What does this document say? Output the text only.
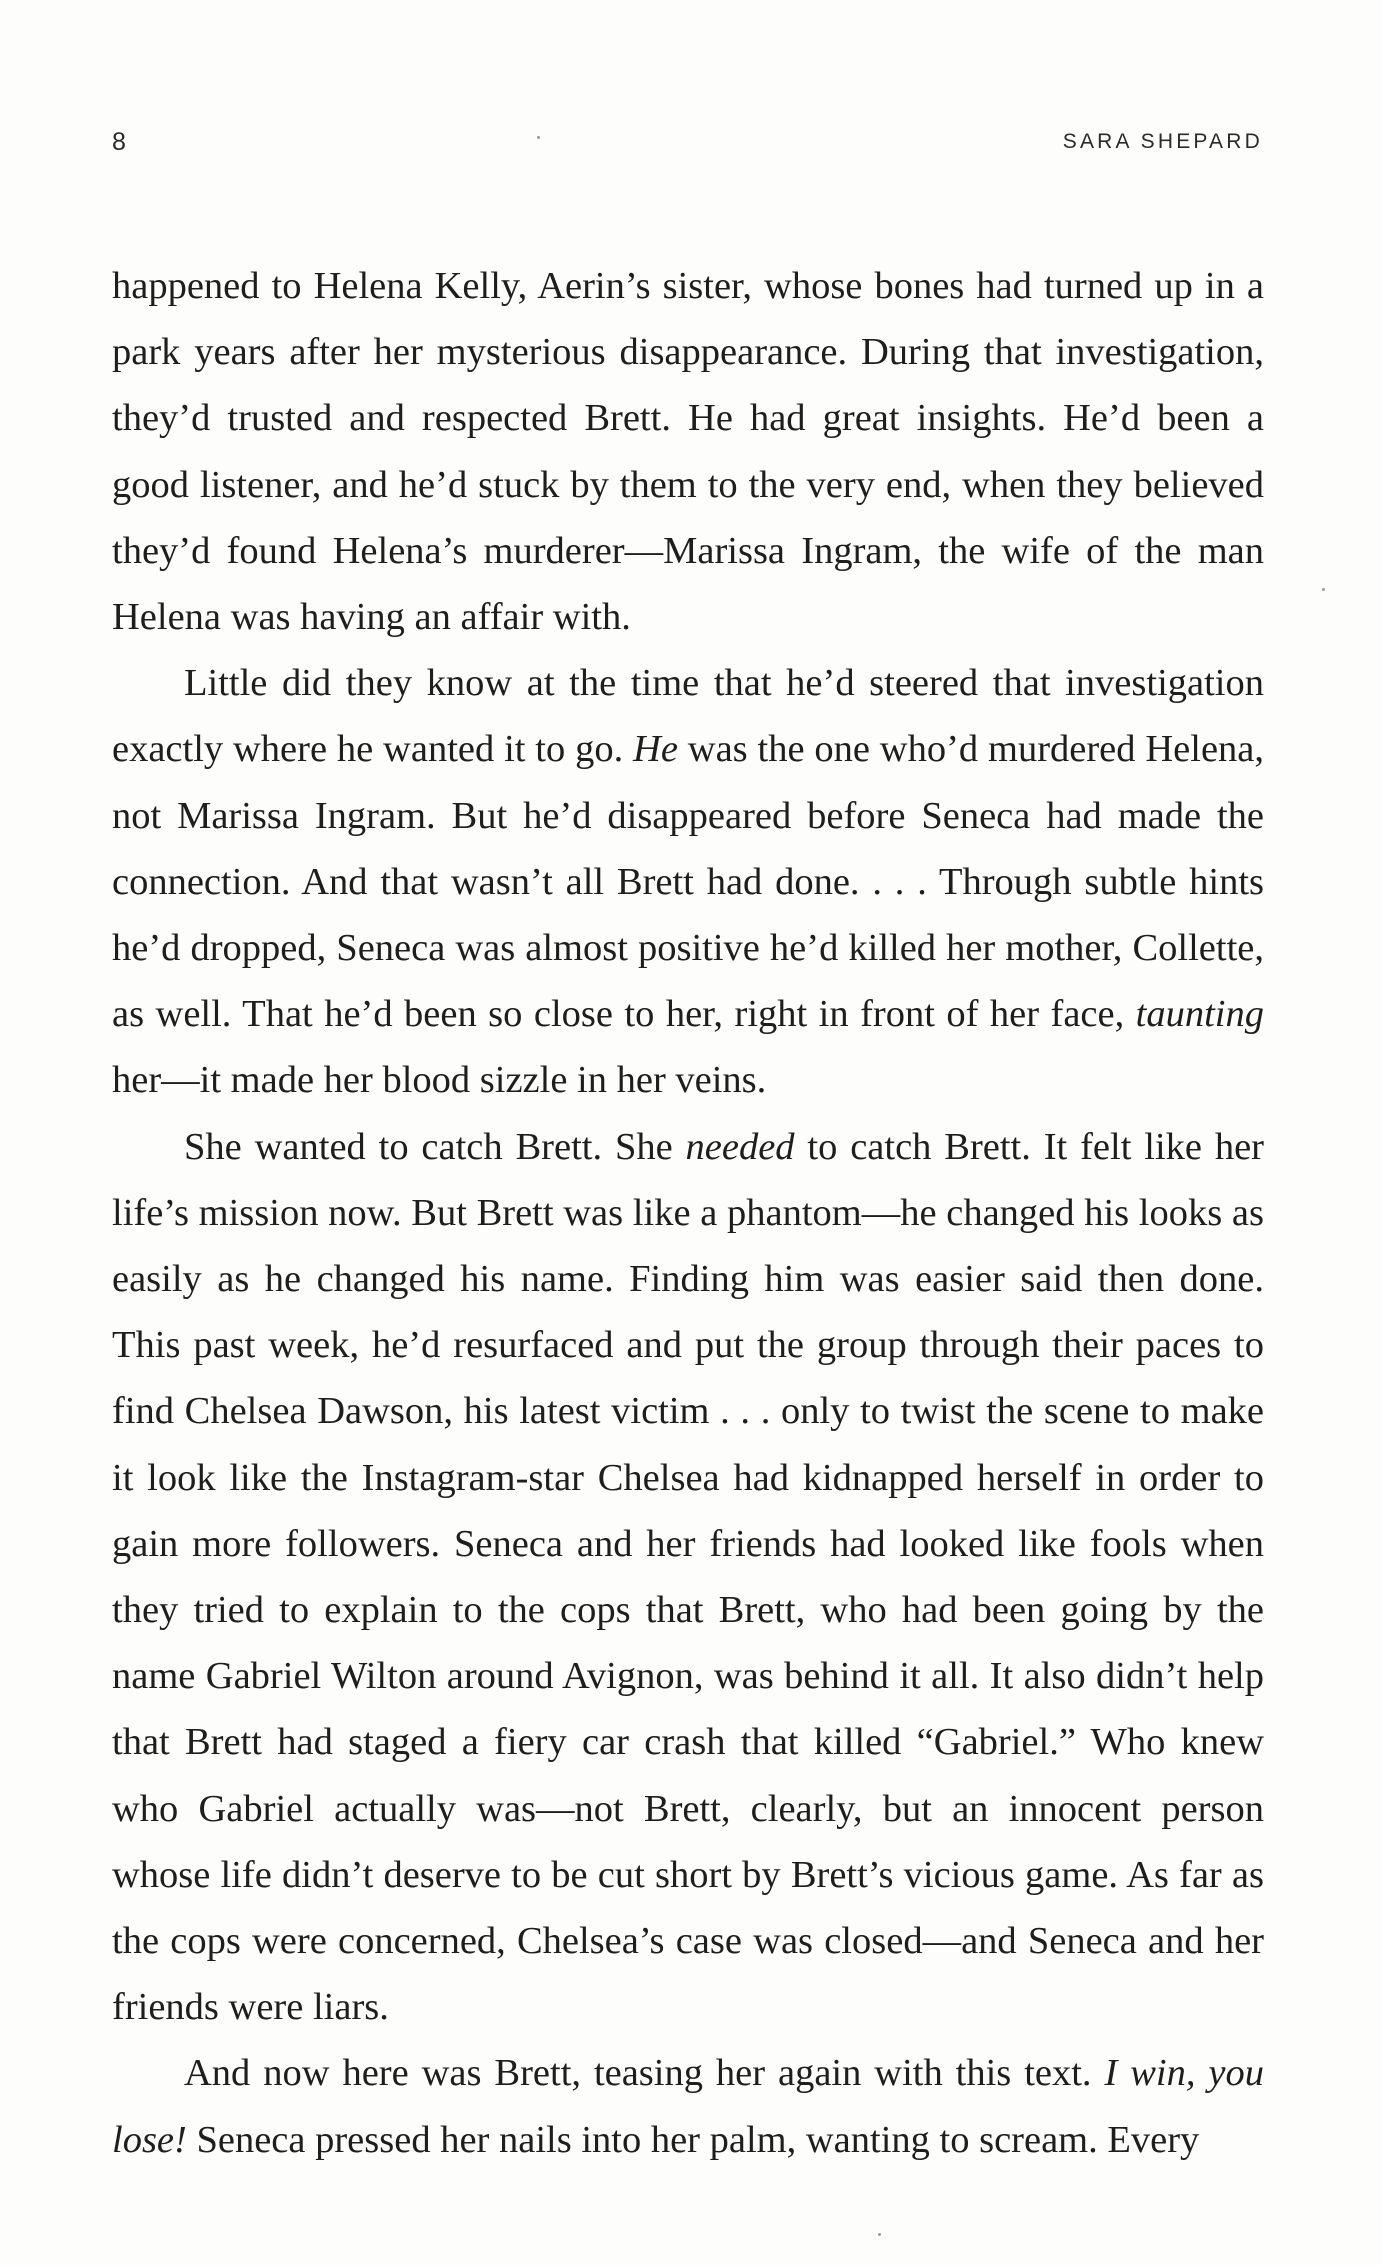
8	SARA SHEPARD

happened to Helena Kelly, Aerin’s sister, whose bones had turned up in a park years after her mysterious disappearance. During that investigation, they’d trusted and respected Brett. He had great insights. He’d been a good listener, and he’d stuck by them to the very end, when they believed they’d found Helena’s murderer—Marissa Ingram, the wife of the man Helena was having an affair with.

Little did they know at the time that he’d steered that investigation exactly where he wanted it to go. He was the one who’d murdered Helena, not Marissa Ingram. But he’d disappeared before Seneca had made the connection. And that wasn’t all Brett had done. . . . Through subtle hints he’d dropped, Seneca was almost positive he’d killed her mother, Collette, as well. That he’d been so close to her, right in front of her face, taunting her—it made her blood sizzle in her veins.

She wanted to catch Brett. She needed to catch Brett. It felt like her life’s mission now. But Brett was like a phantom—he changed his looks as easily as he changed his name. Finding him was easier said then done. This past week, he’d resurfaced and put the group through their paces to find Chelsea Dawson, his latest victim . . . only to twist the scene to make it look like the Instagram-star Chelsea had kidnapped herself in order to gain more followers. Seneca and her friends had looked like fools when they tried to explain to the cops that Brett, who had been going by the name Gabriel Wilton around Avignon, was behind it all. It also didn’t help that Brett had staged a fiery car crash that killed “Gabriel.” Who knew who Gabriel actually was—not Brett, clearly, but an innocent person whose life didn’t deserve to be cut short by Brett’s vicious game. As far as the cops were concerned, Chelsea’s case was closed—and Seneca and her friends were liars.

And now here was Brett, teasing her again with this text. I win, you lose! Seneca pressed her nails into her palm, wanting to scream. Every
